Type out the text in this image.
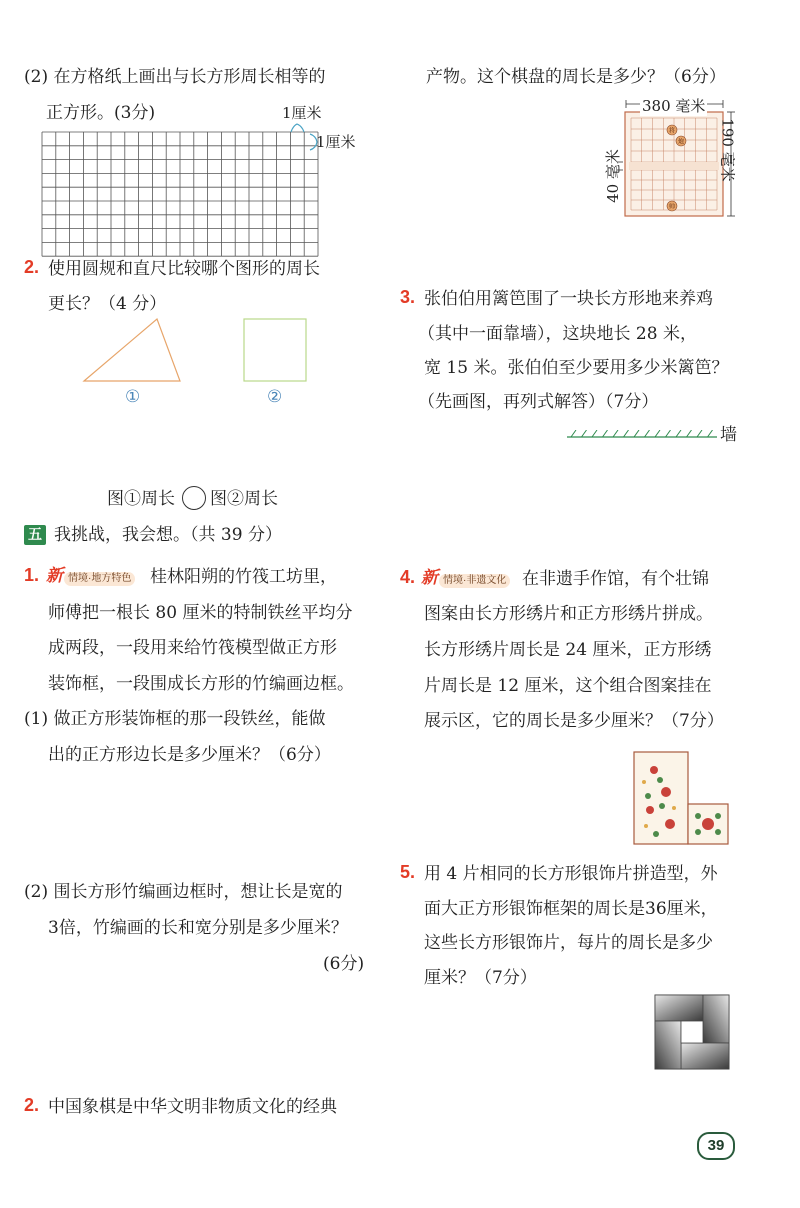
(2) 在方格纸上画出与长方形周长相等的
正方形。(3分)	1厘米
1厘米
2. 使用圆规和直尺比较哪个图形的周长
更长？（4 分）
①	②
图①周长 图②周长
五 我挑战，我会想。（共 39 分）
1. 新 情境·地方特色 桂林阳朔的竹筏工坊里，
师傅把一根长 80 厘米的特制铁丝平均分
成两段，一段用来给竹筏模型做正方形
装饰框，一段围成长方形的竹编画边框。
(1) 做正方形装饰框的那一段铁丝，能做
出的正方形边长是多少厘米？（6分）
(2) 围长方形竹编画边框时，想让长是宽的
3倍，竹编画的长和宽分别是多少厘米？
(6分)
2. 中国象棋是中华文明非物质文化的经典
产物。这个棋盘的周长是多少？（6分）
将
炮
帅
380 毫米
190 毫米
40 毫米
3. 张伯伯用篱笆围了一块长方形地来养鸡
（其中一面靠墙），这块地长 28 米，
宽 15 米。张伯伯至少要用多少米篱笆？
（先画图，再列式解答）（7分）
墙
4. 新 情境·非遗文化 在非遗手作馆，有个壮锦
图案由长方形绣片和正方形绣片拼成。
长方形绣片周长是 24 厘米，正方形绣
片周长是 12 厘米，这个组合图案挂在
展示区，它的周长是多少厘米？（7分）
5. 用 4 片相同的长方形银饰片拼造型，外
面大正方形银饰框架的周长是36厘米，
这些长方形银饰片，每片的周长是多少
厘米？（7分）
39
